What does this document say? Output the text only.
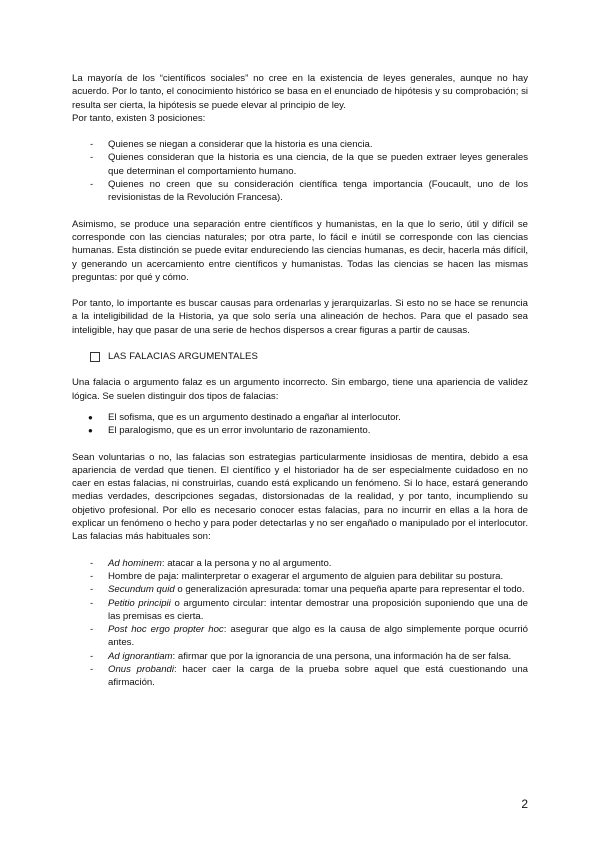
La mayoría de los “científicos sociales” no cree en la existencia de leyes generales, aunque no hay acuerdo. Por lo tanto, el conocimiento histórico se basa en el enunciado de hipótesis y su comprobación; si resulta ser cierta, la hipótesis se puede elevar al principio de ley.

Por tanto, existen 3 posiciones:

- Quienes se niegan a considerar que la historia es una ciencia.
- Quienes consideran que la historia es una ciencia, de la que se pueden extraer leyes generales que determinan el comportamiento humano.
- Quienes no creen que su consideración científica tenga importancia (Foucault, uno de los revisionistas de la Revolución Francesa).

Asimismo, se produce una separación entre científicos y humanistas, en la que lo serio, útil y difícil se corresponde con las ciencias naturales; por otra parte, lo fácil e inútil se corresponde con las ciencias humanas. Esta distinción se puede evitar endureciendo las ciencias humanas, es decir, hacerla más difícil, y generando un acercamiento entre científicos y humanistas. Todas las ciencias se hacen las mismas preguntas: por qué y cómo.

Por tanto, lo importante es buscar causas para ordenarlas y jerarquizarlas. Si esto no se hace se renuncia a la inteligibilidad de la Historia, ya que solo sería una alineación de hechos. Para que el pasado sea inteligible, hay que pasar de una serie de hechos dispersos a crear figuras a partir de causas.

LAS FALACIAS ARGUMENTALES

Una falacia o argumento falaz es un argumento incorrecto. Sin embargo, tiene una apariencia de validez lógica. Se suelen distinguir dos tipos de falacias:

● El sofisma, que es un argumento destinado a engañar al interlocutor.
● El paralogismo, que es un error involuntario de razonamiento.

Sean voluntarias o no, las falacias son estrategias particularmente insidiosas de mentira, debido a esa apariencia de verdad que tienen. El científico y el historiador ha de ser especialmente cuidadoso en no caer en estas falacias, ni construirlas, cuando está explicando un fenómeno. Si lo hace, estará generando medias verdades, descripciones segadas, distorsionadas de la realidad, y por tanto, incumpliendo su objetivo profesional. Por ello es necesario conocer estas falacias, para no incurrir en ellas a la hora de explicar un fenómeno o hecho y para poder detectarlas y no ser engañado o manipulado por el interlocutor. Las falacias más habituales son:

- Ad hominem: atacar a la persona y no al argumento.
- Hombre de paja: malinterpretar o exagerar el argumento de alguien para debilitar su postura.
- Secundum quid o generalización apresurada: tomar una pequeña aparte para representar el todo.
- Petitio principii o argumento circular: intentar demostrar una proposición suponiendo que una de las premisas es cierta.
- Post hoc ergo propter hoc: asegurar que algo es la causa de algo simplemente porque ocurrió antes.
- Ad ignorantiam: afirmar que por la ignorancia de una persona, una información ha de ser falsa.
- Onus probandi: hacer caer la carga de la prueba sobre aquel que está cuestionando una afirmación.
2
